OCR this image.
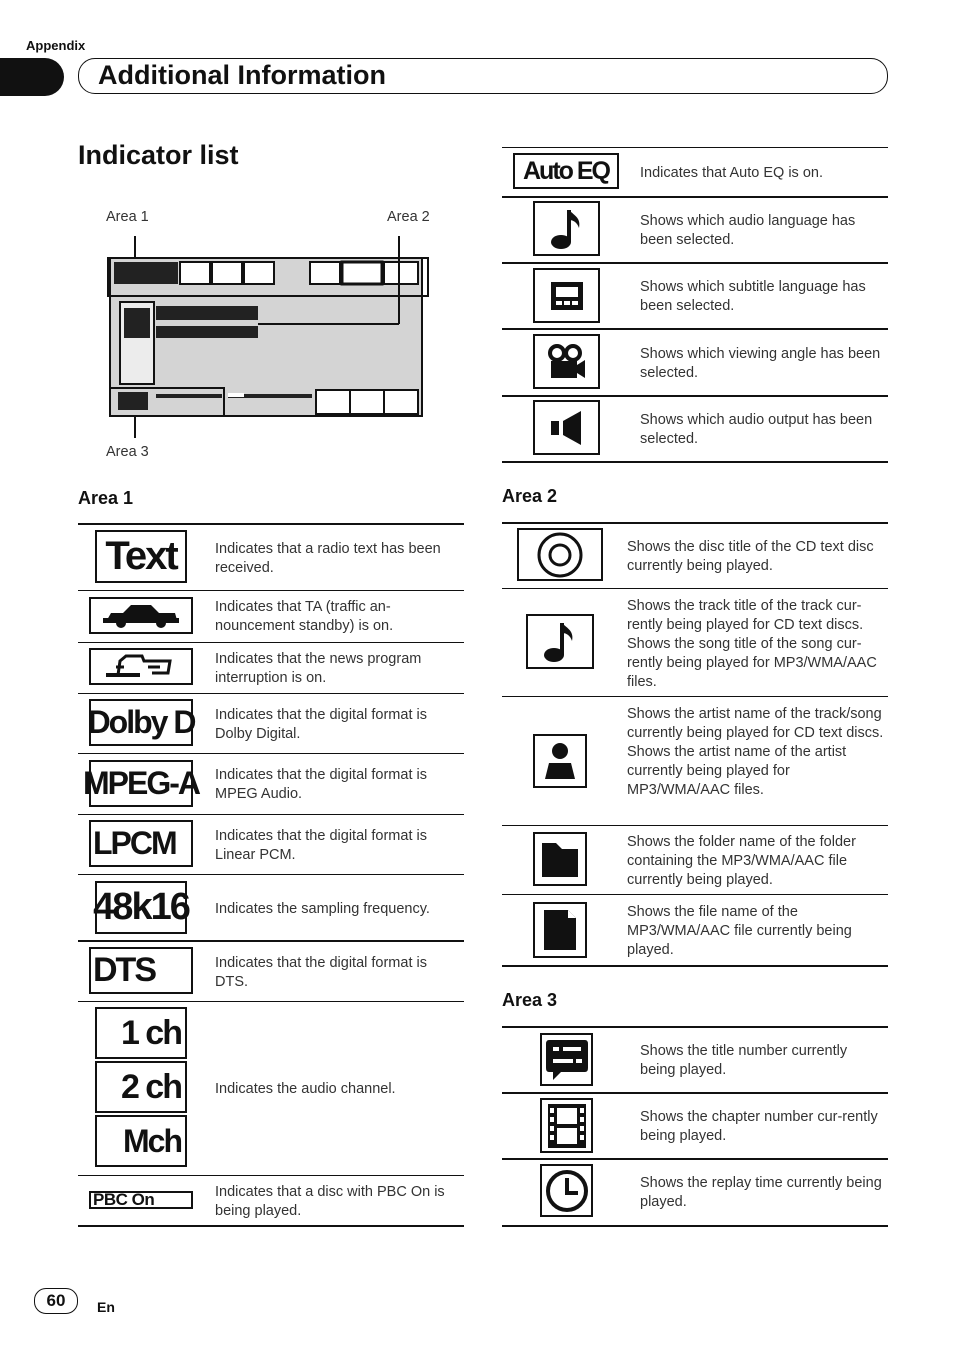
Appendix
Additional Information
Indicator list
Area 1	Area 2
Area 3
Area 1
Text	Indicates that a radio text has been received.
Indicates that TA (traffic an-nouncement standby) is on.
Indicates that the news program interruption is on.
Dolby D Indicates that the digital format is Dolby Digital.
MPEG-A Indicates that the digital format is MPEG Audio.
LPCM	Indicates that the digital format is Linear PCM.
48k16 Indicates the sampling frequency.
DTS	Indicates that the digital format is DTS.
1 ch
2 ch
Mch
Indicates the audio channel.
PBC On	Indicates that a disc with PBC On is being played.
Auto EQ	Indicates that Auto EQ is on.
Shows which audio language has been selected.
Shows which subtitle language has been selected.
Shows which viewing angle has been selected.
Shows which audio output has been selected.
Area 2
Shows the disc title of the CD text disc currently being played.
Shows the track title of the track cur-rently being played for CD text discs. Shows the song title of the song cur-rently being played for MP3/WMA/AAC files.
Shows the artist name of the track/song currently being played for CD text discs. Shows the artist name of the artist currently being played for MP3/WMA/AAC files.
Shows the folder name of the folder containing the MP3/WMA/AAC file currently being played.
Shows the file name of the MP3/WMA/AAC file currently being played.
Area 3
Shows the title number currently being played.
Shows the chapter number cur-rently being played.
Shows the replay time currently being played.
60	En
